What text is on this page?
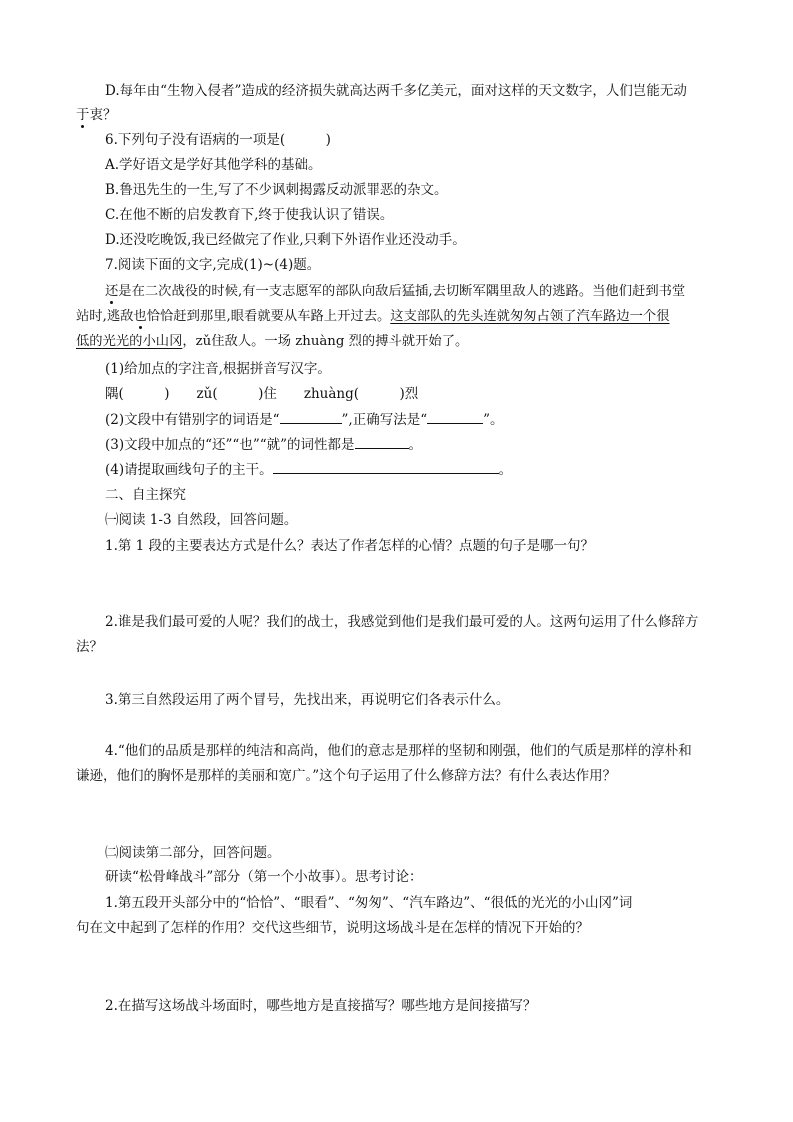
D.每年由“生物入侵者”造成的经济损失就高达两千多亿美元，面对这样的天文数字，人们岂能无动
于衷？
6.下列句子没有语病的一项是(　　　)
A.学好语文是学好其他学科的基础。
B.鲁迅先生的一生,写了不少讽刺揭露反动派罪恶的杂文。
C.在他不断的启发教育下,终于使我认识了错误。
D.还没吃晚饭,我已经做完了作业,只剩下外语作业还没动手。
7.阅读下面的文字,完成(1)~(4)题。
还是在二次战役的时候,有一支志愿军的部队向敌后猛插,去切断军隅里敌人的逃路。当他们赶到书堂
站时,逃敌也恰恰赶到那里,眼看就要从车路上开过去。这支部队的先头连就匆匆占领了汽车路边一个很
低的光光的小山冈，zǔ住敌人。一场 zhuàng 烈的搏斗就开始了。
(1)给加点的字注音,根据拼音写汉字。
隅(　　　)　　zǔ(　　　)住　　zhuàng(　　　)烈
(2)文段中有错别字的词语是“	”,正确写法是“	”。
(3)文段中加点的“还”“也”“就”的词性都是	。
(4)请提取画线句子的主干。	。
二、自主探究
㈠阅读 1-3 自然段，回答问题。
1.第 1 段的主要表达方式是什么？表达了作者怎样的心情？点题的句子是哪一句？
2.谁是我们最可爱的人呢？我们的战士，我感觉到他们是我们最可爱的人。这两句运用了什么修辞方
法？
3.第三自然段运用了两个冒号，先找出来，再说明它们各表示什么。
4.“他们的品质是那样的纯洁和高尚，他们的意志是那样的坚韧和刚强，他们的气质是那样的淳朴和
谦逊，他们的胸怀是那样的美丽和宽广。”这个句子运用了什么修辞方法？有什么表达作用？
㈡阅读第二部分，回答问题。
研读“松骨峰战斗”部分（第一个小故事）。思考讨论：
1.第五段开头部分中的“恰恰”、“眼看”、“匆匆”、“汽车路边”、“很低的光光的小山冈”词
句在文中起到了怎样的作用？交代这些细节，说明这场战斗是在怎样的情况下开始的？
2.在描写这场战斗场面时，哪些地方是直接描写？哪些地方是间接描写？
